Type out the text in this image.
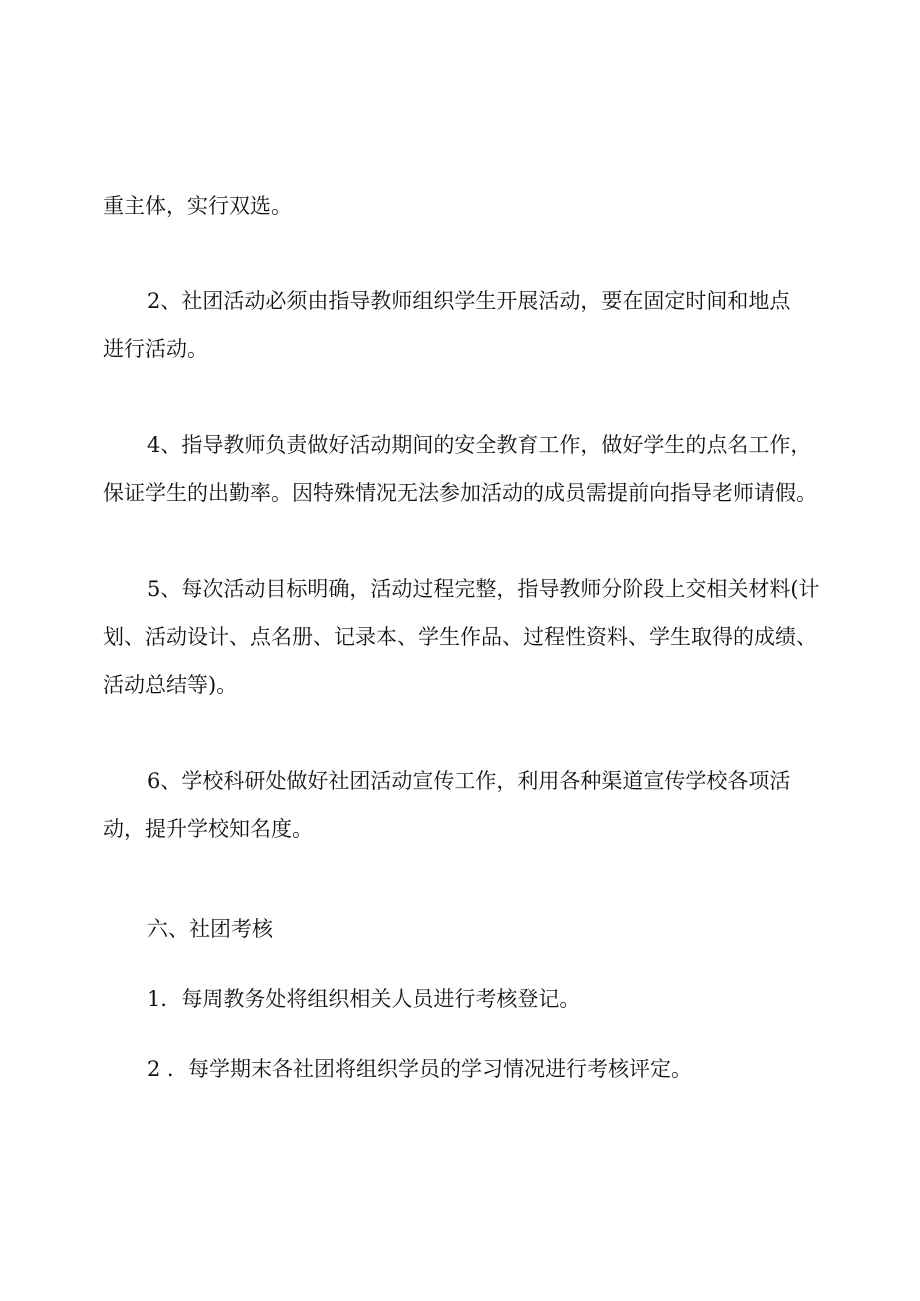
重主体，实行双选。

2、社团活动必须由指导教师组织学生开展活动，要在固定时间和地点
进行活动。

4、指导教师负责做好活动期间的安全教育工作，做好学生的点名工作，
保证学生的出勤率。因特殊情况无法参加活动的成员需提前向指导老师请假。

5、每次活动目标明确，活动过程完整，指导教师分阶段上交相关材料(计
划、活动设计、点名册、记录本、学生作品、过程性资料、学生取得的成绩、
活动总结等)。

6、学校科研处做好社团活动宣传工作，利用各种渠道宣传学校各项活
动，提升学校知名度。

六、社团考核

1．每周教务处将组织相关人员进行考核登记。

2 ．每学期末各社团将组织学员的学习情况进行考核评定。
